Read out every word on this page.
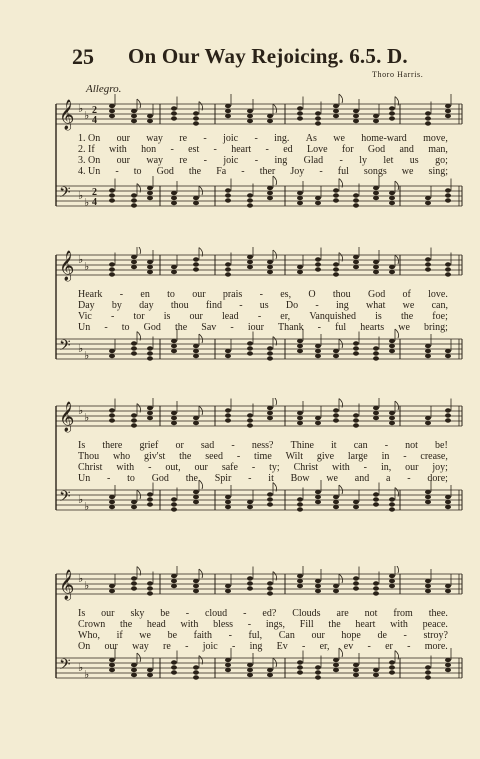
25 On Our Way Rejoicing. 6.5. D.
Thoro Harris.
Allegro.
𝄞
𝄢
♭
♭
♭
♭
2
4
2
4
1. On our way re - joic - ing. As we home-ward move,
2. If with hon - est - heart - ed Love for God and man,
3. On our way re - joic - ing Glad - ly let us go;
4. Un - to God the Fa - ther Joy - ful songs we sing;
𝄞
𝄢
♭
♭
♭
♭
Heark - en to our prais - es, O thou God of love.
Day by day thou find - us Do - ing what we can,
Vic - tor is our lead - er, Vanquished is the foe;
Un - to God the Sav - iour Thank - ful hearts we bring;
𝄞
𝄢
♭
♭
♭
♭
Is there grief or sad - ness? Thine it can - not be!
Thou who giv'st the seed - time Wilt give large in - crease,
Christ with - out, our safe - ty; Christ with - in, our joy;
Un - to God the Spir - it Bow we and a - dore;
𝄞
𝄢
♭
♭
♭
♭
Is our sky be - cloud - ed? Clouds are not from thee.
Crown the head with bless - ings, Fill the heart with peace.
Who, if we be faith - ful, Can our hope de - stroy?
On our way re - joic - ing Ev - er, ev - er - more.
